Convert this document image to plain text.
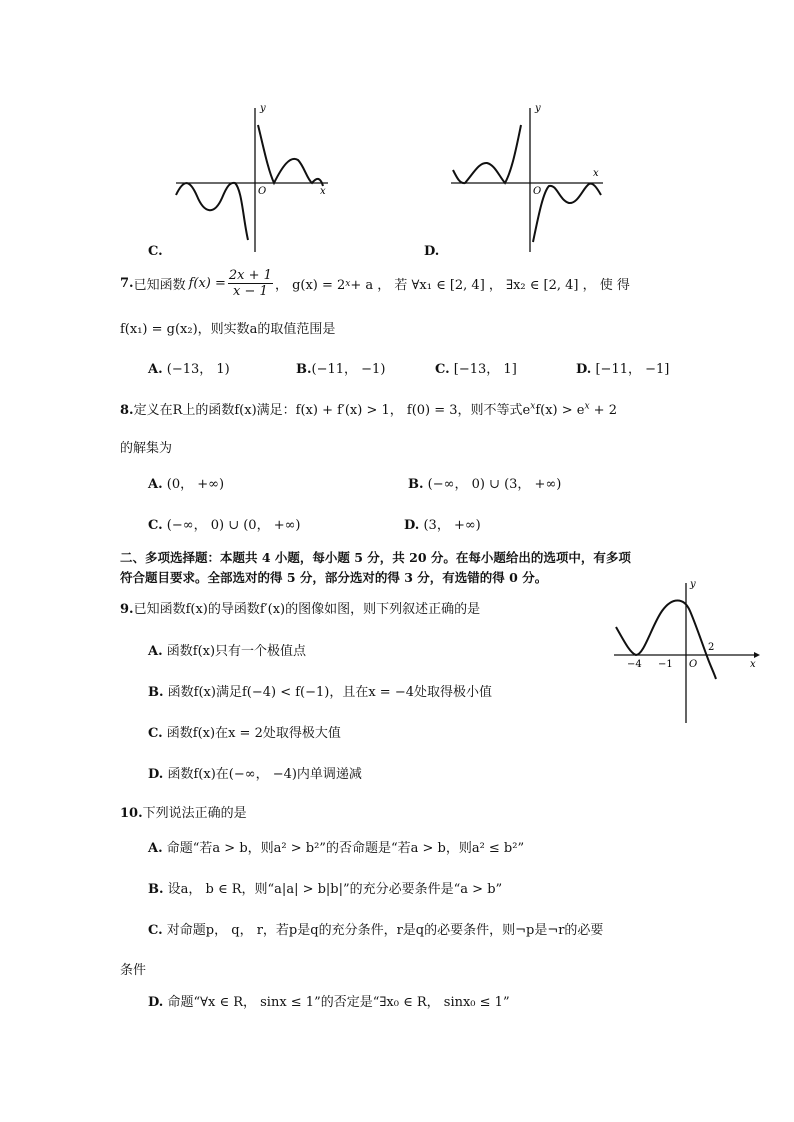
y
x
O
C.
y
x
O
D.
7. 已知函数 $f(x) = \frac{2x + 1}{x - 1}$ ， g(x) = 2 x + a ， 若 ∀x₁ ∈ [2, 4] ， ∃x₂ ∈ [2, 4] ， 使 得
f(x₁) = g(x₂)，则实数a的取值范围是
A. (−13， 1)	B.(−11， −1)	C. [−13， 1]	D. [−11， −1]
8.定义在R上的函数f(x)满足：f(x) + f′(x) > 1， f(0) = 3，则不等式$e^xf(x) > e^x + 2$
的解集为
A. (0， +∞)	B. (−∞， 0) ∪ (3， +∞)
C. (−∞， 0) ∪ (0， +∞)	D. (3， +∞)
二、多项选择题：本题共 4 小题，每小题 5 分，共 20 分。在每小题给出的选项中，有多项
符合题目要求。全部选对的得 5 分，部分选对的得 3 分，有选错的得 0 分。
9.已知函数f(x)的导函数f′(x)的图像如图，则下列叙述正确的是
A. 函数f(x)只有一个极值点
B. 函数f(x)满足f(−4) < f(−1)，且在x = −4处取得极小值
C. 函数f(x)在x = 2处取得极大值
D. 函数f(x)在(−∞， −4)内单调递减
y
x
O
−4 −1
2
10.下列说法正确的是
A. 命题“若a > b，则a² > b²”的否命题是“若a > b，则a² ≤ b²”
B. 设a， b ∈ R，则“a|a| > b|b|”的充分必要条件是“a > b”
C. 对命题p， q， r，若p是q的充分条件，r是q的必要条件，则¬p是¬r的必要
条件
D. 命题“∀x ∈ R， sinx ≤ 1”的否定是“∃x₀ ∈ R， sinx₀ ≤ 1”
